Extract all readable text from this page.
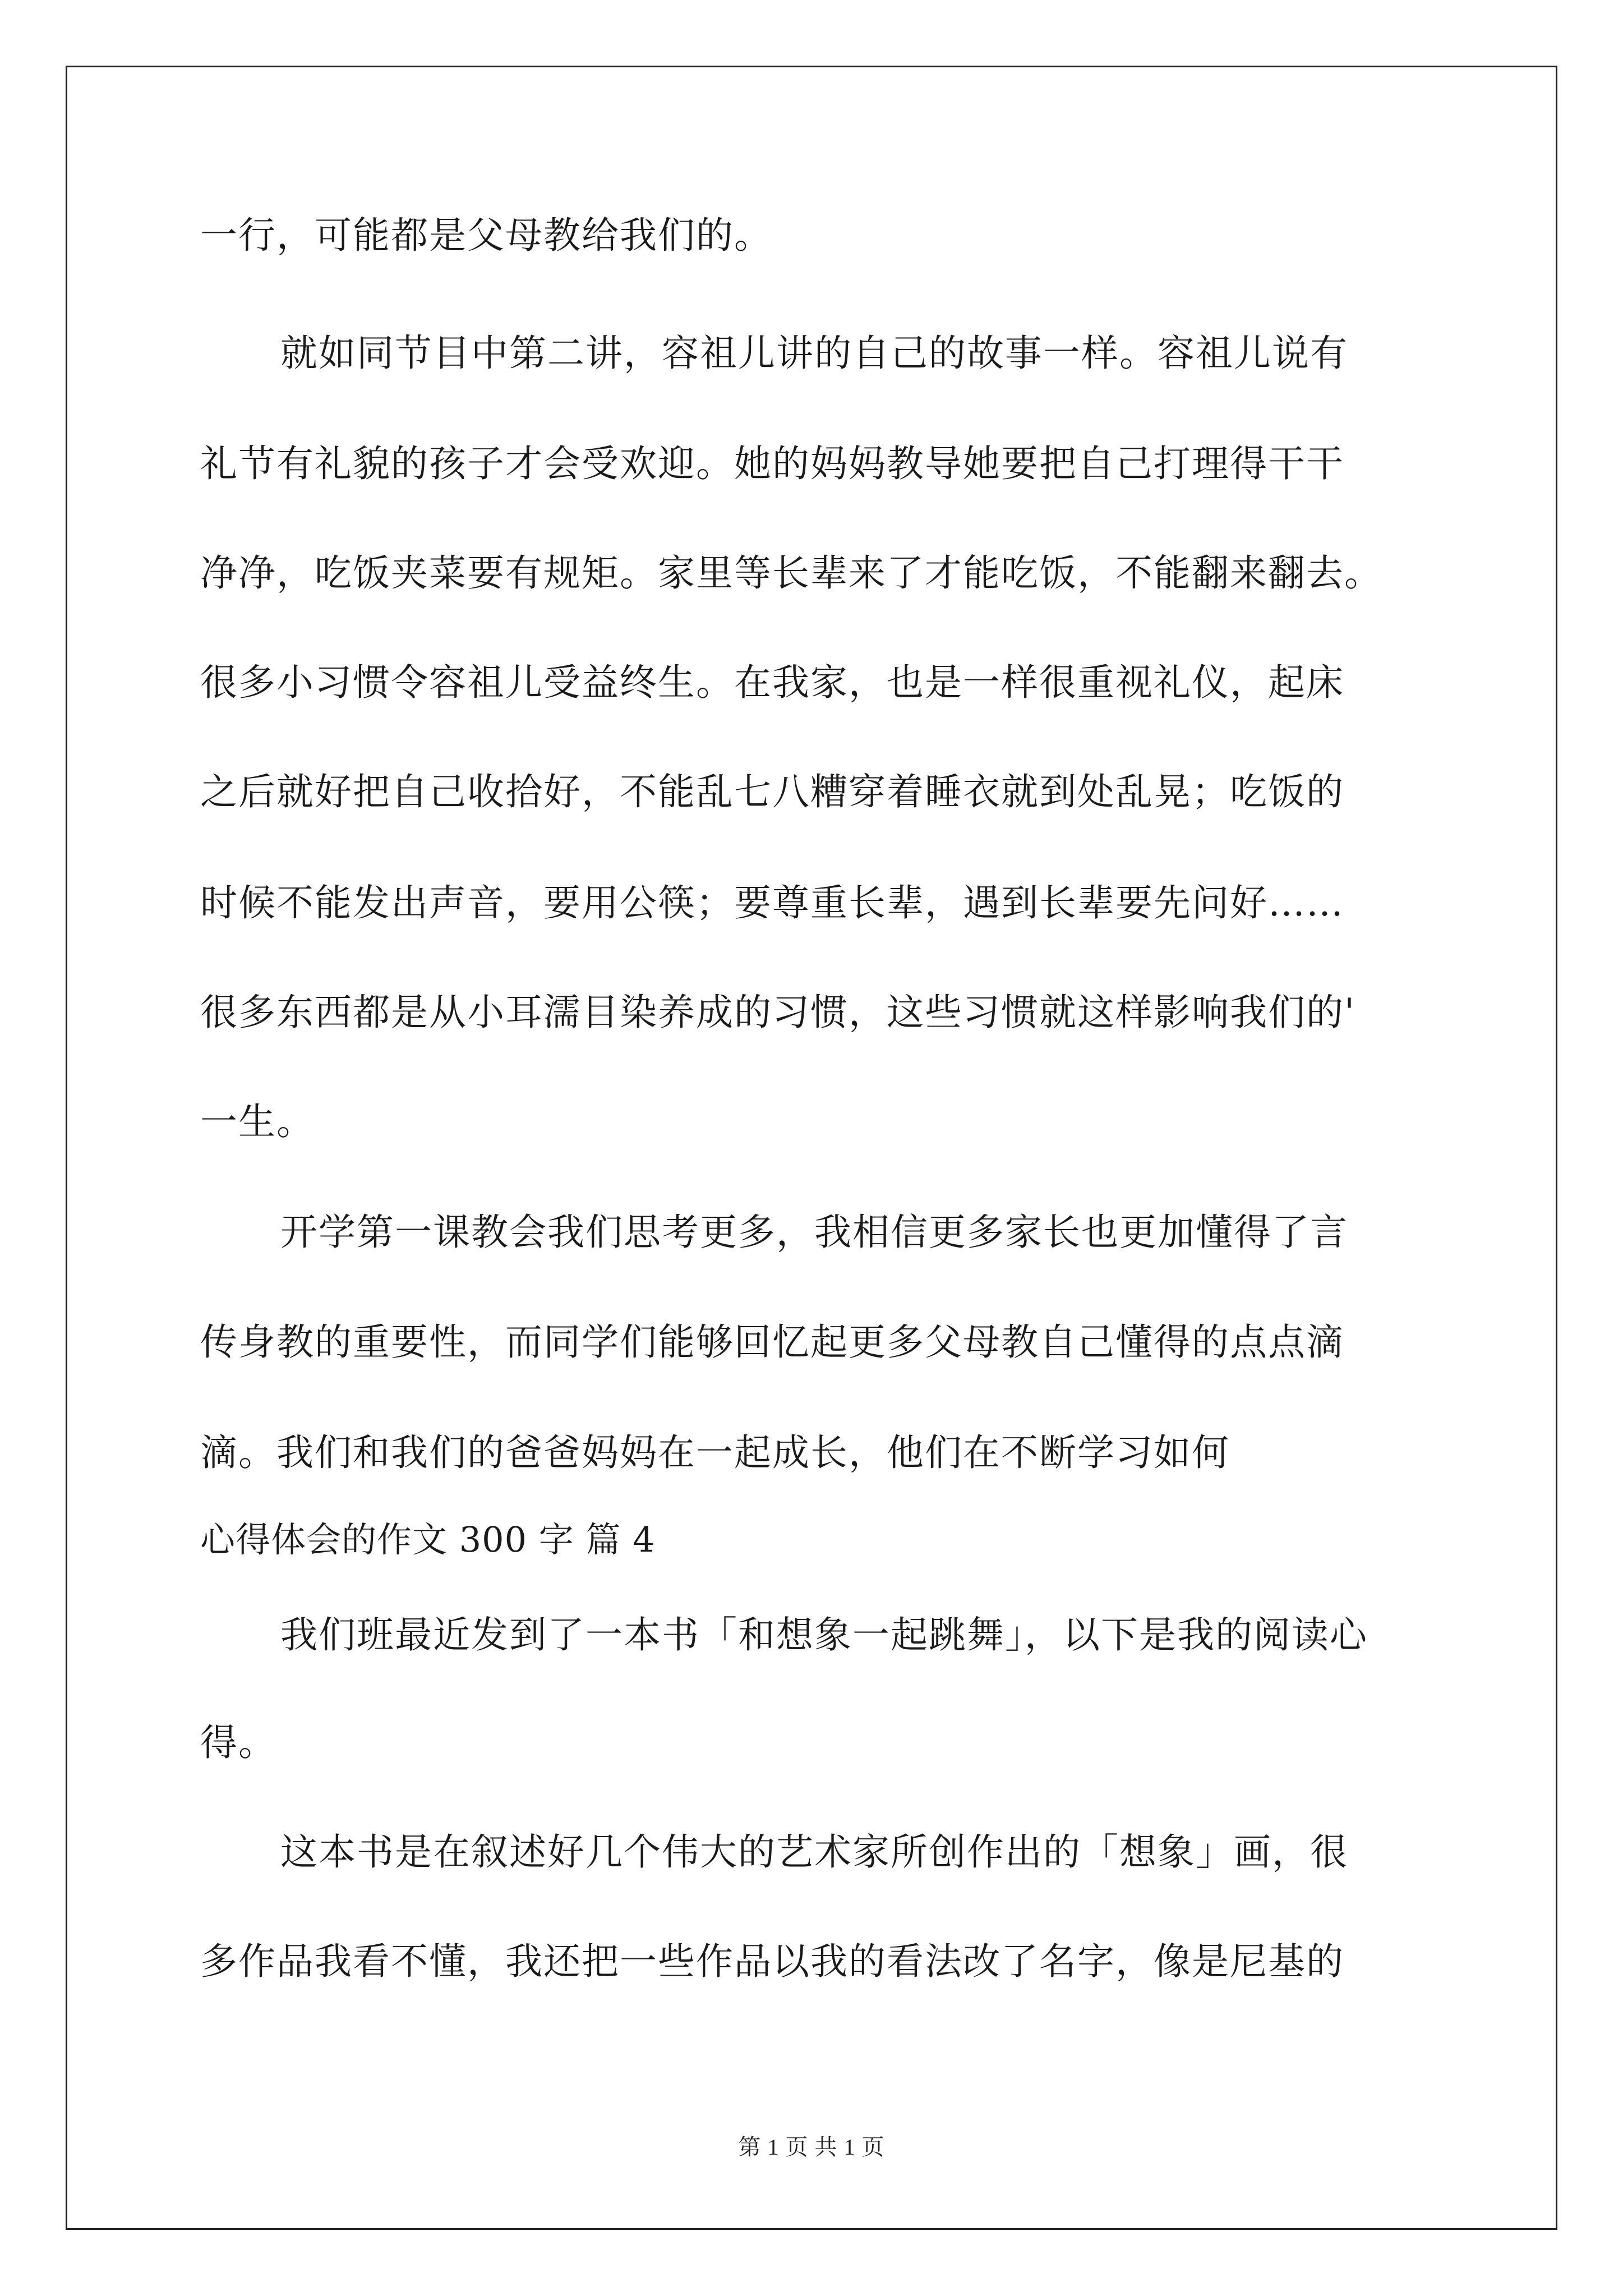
一行，可能都是父母教给我们的。
就如同节目中第二讲，容祖儿讲的自己的故事一样。容祖儿说有
礼节有礼貌的孩子才会受欢迎。她的妈妈教导她要把自己打理得干干
净净，吃饭夹菜要有规矩。家里等长辈来了才能吃饭，不能翻来翻去。
很多小习惯令容祖儿受益终生。在我家，也是一样很重视礼仪，起床
之后就好把自己收拾好，不能乱七八糟穿着睡衣就到处乱晃；吃饭的
时候不能发出声音，要用公筷；要尊重长辈，遇到长辈要先问好……
很多东西都是从小耳濡目染养成的习惯，这些习惯就这样影响我们的'
一生。
开学第一课教会我们思考更多，我相信更多家长也更加懂得了言
传身教的重要性，而同学们能够回忆起更多父母教自己懂得的点点滴
滴。我们和我们的爸爸妈妈在一起成长，他们在不断学习如何
心得体会的作文 300 字 篇 4
我们班最近发到了一本书「和想象一起跳舞」，以下是我的阅读心
得。
这本书是在叙述好几个伟大的艺术家所创作出的「想象」画，很
多作品我看不懂，我还把一些作品以我的看法改了名字，像是尼基的
第 1 页 共 1 页
